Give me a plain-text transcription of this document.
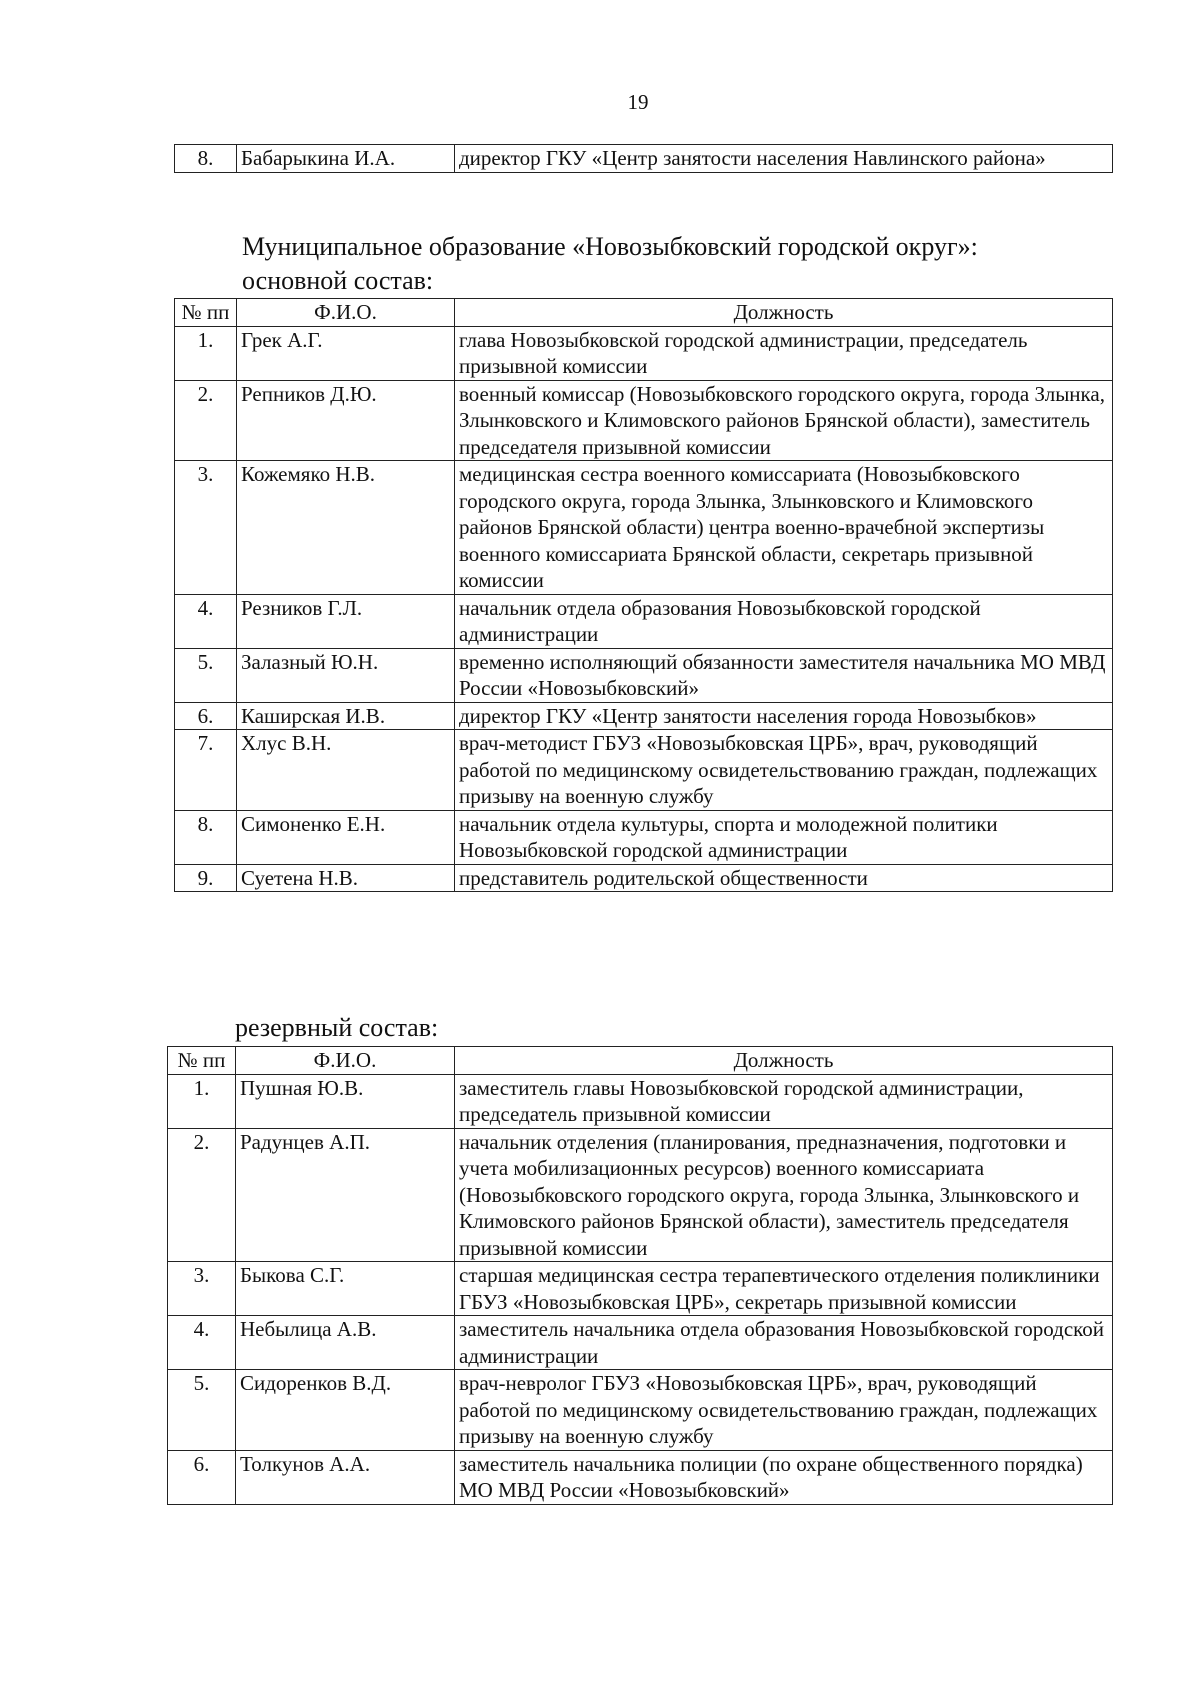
19
8.	Бабарыкина И.А.	директор ГКУ «Центр занятости населения Навлинского района»
Муниципальное образование «Новозыбковский городской округ»:
основной состав:
№ пп	Ф.И.О.	Должность
1.	Грек А.Г.	глава Новозыбковской городской администрации, председатель призывной комиссии
2.	Репников Д.Ю.	военный комиссар (Новозыбковского городского округа, города Злынка, Злынковского и Климовского районов Брянской области), заместитель председателя призывной комиссии
3.	Кожемяко Н.В.	медицинская сестра военного комиссариата (Новозыбковского городского округа, города Злынка, Злынковского и Климовского районов Брянской области) центра военно-врачебной экспертизы военного комиссариата Брянской области, секретарь призывной комиссии
4.	Резников Г.Л.	начальник отдела образования Новозыбковской городской администрации
5.	Залазный Ю.Н.	временно исполняющий обязанности заместителя начальника МО МВД России «Новозыбковский»
6.	Каширская И.В.	директор ГКУ «Центр занятости населения города Новозыбков»
7.	Хлус В.Н.	врач-методист ГБУЗ «Новозыбковская ЦРБ», врач, руководящий работой по медицинскому освидетельствованию граждан, подлежащих призыву на военную службу
8.	Симоненко Е.Н.	начальник отдела культуры, спорта и молодежной политики Новозыбковской городской администрации
9.	Суетена Н.В.	представитель родительской общественности
резервный состав:
№ пп	Ф.И.О.	Должность
1.	Пушная Ю.В.	заместитель главы Новозыбковской городской администрации, председатель призывной комиссии
2.	Радунцев А.П.	начальник отделения (планирования, предназначения, подготовки и учета мобилизационных ресурсов) военного комиссариата (Новозыбковского городского округа, города Злынка, Злынковского и Климовского районов Брянской области), заместитель председателя призывной комиссии
3.	Быкова С.Г.	старшая медицинская сестра терапевтического отделения поликлиники ГБУЗ «Новозыбковская ЦРБ», секретарь призывной комиссии
4.	Небылица А.В.	заместитель начальника отдела образования Новозыбковской городской администрации
5.	Сидоренков В.Д.	врач-невролог ГБУЗ «Новозыбковская ЦРБ», врач, руководящий работой по медицинскому освидетельствованию граждан, подлежащих призыву на военную службу
6.	Толкунов А.А.	заместитель начальника полиции (по охране общественного порядка) МО МВД России «Новозыбковский»
